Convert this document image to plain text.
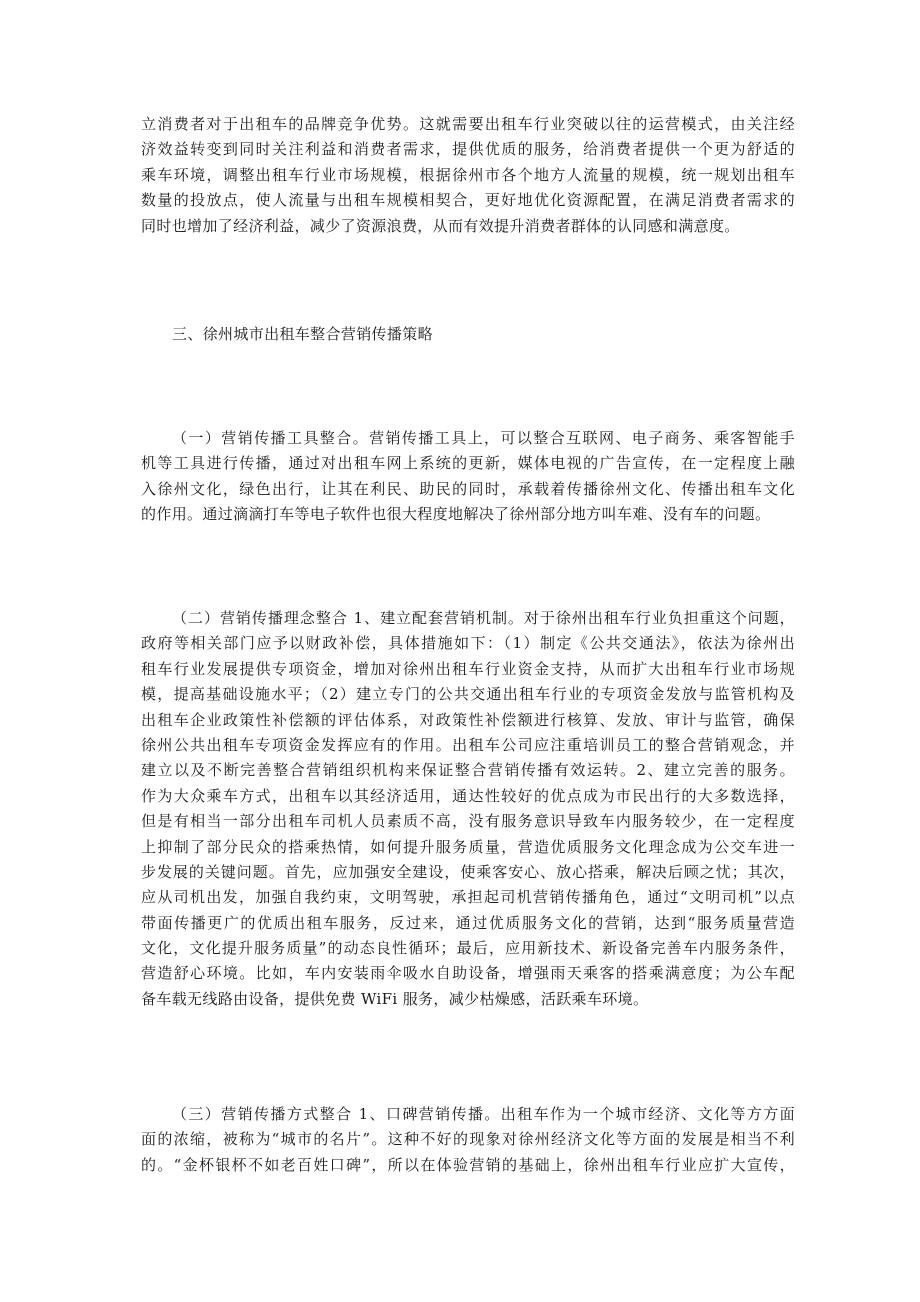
立消费者对于出租车的品牌竞争优势。这就需要出租车行业突破以往的运营模式，由关注经
济效益转变到同时关注利益和消费者需求，提供优质的服务，给消费者提供一个更为舒适的
乘车环境，调整出租车行业市场规模，根据徐州市各个地方人流量的规模，统一规划出租车
数量的投放点，使人流量与出租车规模相契合，更好地优化资源配置，在满足消费者需求的
同时也增加了经济利益，减少了资源浪费，从而有效提升消费者群体的认同感和满意度。
三、徐州城市出租车整合营销传播策略
（一）营销传播工具整合。营销传播工具上，可以整合互联网、电子商务、乘客智能手
机等工具进行传播，通过对出租车网上系统的更新，媒体电视的广告宣传，在一定程度上融
入徐州文化，绿色出行，让其在利民、助民的同时，承载着传播徐州文化、传播出租车文化
的作用。通过滴滴打车等电子软件也很大程度地解决了徐州部分地方叫车难、没有车的问题。
（二）营销传播理念整合 1、建立配套营销机制。对于徐州出租车行业负担重这个问题，
政府等相关部门应予以财政补偿，具体措施如下：（1）制定《公共交通法》，依法为徐州出
租车行业发展提供专项资金，增加对徐州出租车行业资金支持，从而扩大出租车行业市场规
模，提高基础设施水平；（2）建立专门的公共交通出租车行业的专项资金发放与监管机构及
出租车企业政策性补偿额的评估体系，对政策性补偿额进行核算、发放、审计与监管，确保
徐州公共出租车专项资金发挥应有的作用。出租车公司应注重培训员工的整合营销观念，并
建立以及不断完善整合营销组织机构来保证整合营销传播有效运转。2、建立完善的服务。
作为大众乘车方式，出租车以其经济适用，通达性较好的优点成为市民出行的大多数选择，
但是有相当一部分出租车司机人员素质不高，没有服务意识导致车内服务较少，在一定程度
上抑制了部分民众的搭乘热情，如何提升服务质量，营造优质服务文化理念成为公交车进一
步发展的关键问题。首先，应加强安全建设，使乘客安心、放心搭乘，解决后顾之忧；其次，
应从司机出发，加强自我约束，文明驾驶，承担起司机营销传播角色，通过“文明司机”以点
带面传播更广的优质出租车服务，反过来，通过优质服务文化的营销，达到“服务质量营造
文化，文化提升服务质量”的动态良性循环；最后，应用新技术、新设备完善车内服务条件，
营造舒心环境。比如，车内安装雨伞吸水自助设备，增强雨天乘客的搭乘满意度；为公车配
备车载无线路由设备，提供免费 WiFi 服务，减少枯燥感，活跃乘车环境。
（三）营销传播方式整合 1、口碑营销传播。出租车作为一个城市经济、文化等方方面
面的浓缩，被称为“城市的名片”。这种不好的现象对徐州经济文化等方面的发展是相当不利
的。“金杯银杯不如老百姓口碑”，所以在体验营销的基础上，徐州出租车行业应扩大宣传，
